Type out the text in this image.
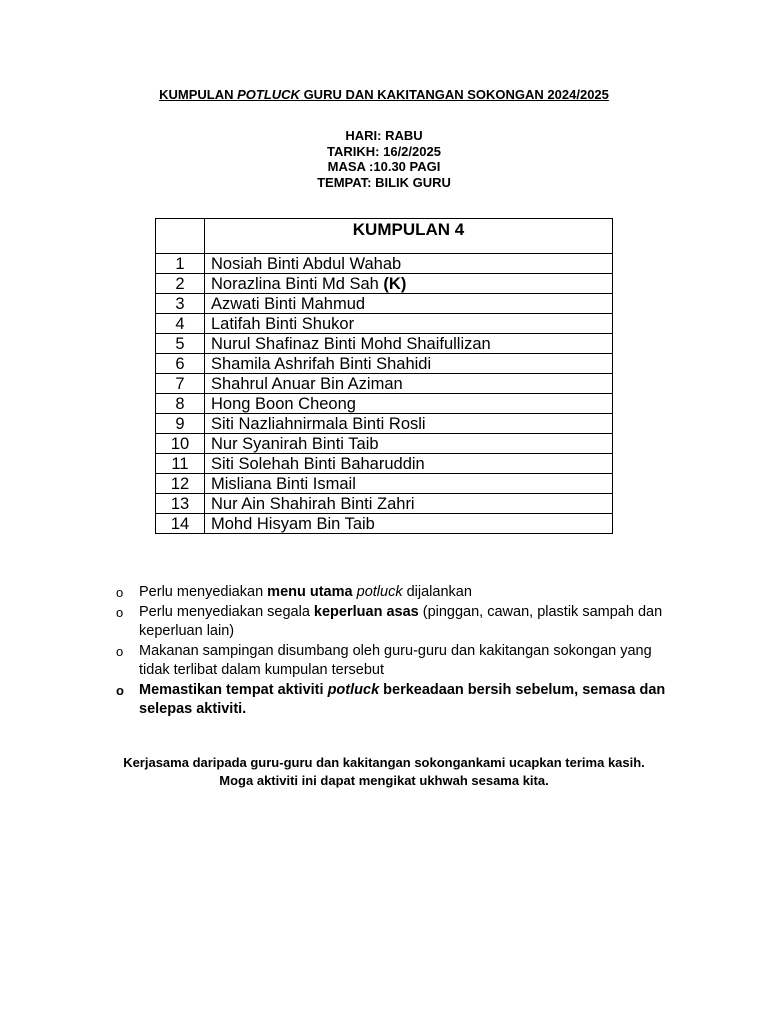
KUMPULAN POTLUCK GURU DAN KAKITANGAN SOKONGAN 2024/2025
HARI: RABU
TARIKH: 16/2/2025
MASA :10.30 PAGI
TEMPAT: BILIK GURU
	KUMPULAN 4
1	Nosiah Binti Abdul Wahab
2	Norazlina Binti Md Sah (K)
3	Azwati Binti Mahmud
4	Latifah Binti Shukor
5	Nurul Shafinaz Binti Mohd Shaifullizan
6	Shamila Ashrifah Binti Shahidi
7	Shahrul Anuar Bin Aziman
8	Hong Boon Cheong
9	Siti Nazliahnirmala Binti Rosli
10	Nur Syanirah Binti Taib
11	Siti Solehah Binti Baharuddin
12	Misliana Binti Ismail
13	Nur Ain Shahirah Binti Zahri
14	Mohd Hisyam Bin Taib
o Perlu menyediakan menu utama potluck dijalankan
o Perlu menyediakan segala keperluan asas (pinggan, cawan, plastik sampah dan keperluan lain)
o Makanan sampingan disumbang oleh guru-guru dan kakitangan sokongan yang tidak terlibat dalam kumpulan tersebut
o Memastikan tempat aktiviti potluck berkeadaan bersih sebelum, semasa dan selepas aktiviti.
Kerjasama daripada guru-guru dan kakitangan sokongankami ucapkan terima kasih.
Moga aktiviti ini dapat mengikat ukhwah sesama kita.
